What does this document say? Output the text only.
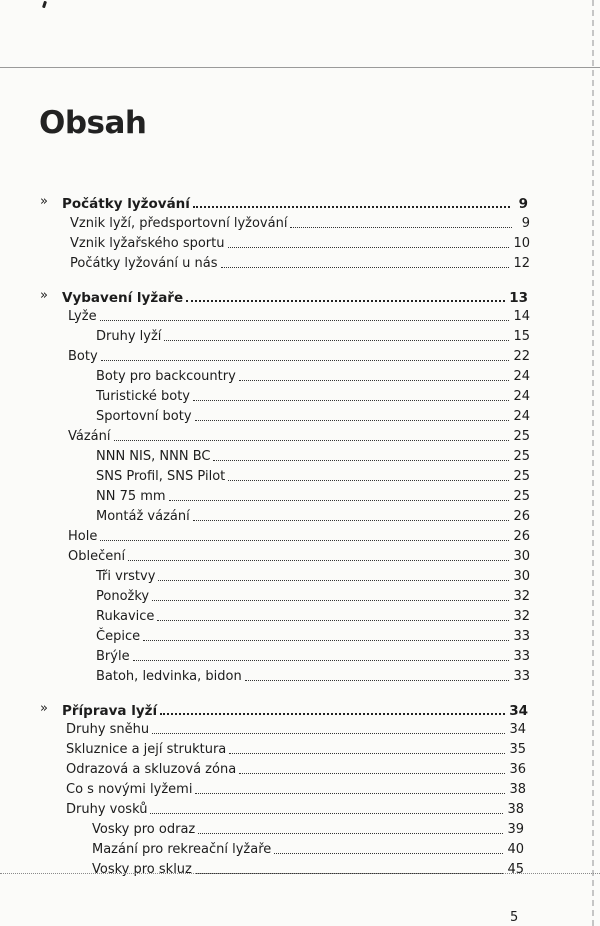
Obsah
» Počátky lyžování	9
Vznik lyží, předsportovní lyžování	9
Vznik lyžařského sportu	10
Počátky lyžování u nás	12
» Vybavení lyžaře	13
Lyže	14
Druhy lyží	15
Boty	22
Boty pro backcountry	24
Turistické boty	24
Sportovní boty	24
Vázání	25
NNN NIS, NNN BC	25
SNS Profil, SNS Pilot	25
NN 75 mm	25
Montáž vázání	26
Hole	26
Oblečení	30
Tři vrstvy	30
Ponožky	32
Rukavice	32
Čepice	33
Brýle	33
Batoh, ledvinka, bidon	33
» Příprava lyží	34
Druhy sněhu	34
Skluznice a její struktura	35
Odrazová a skluzová zóna	36
Co s novými lyžemi	38
Druhy vosků	38
Vosky pro odraz	39
Mazání pro rekreační lyžaře	40
Vosky pro skluz	45
5
